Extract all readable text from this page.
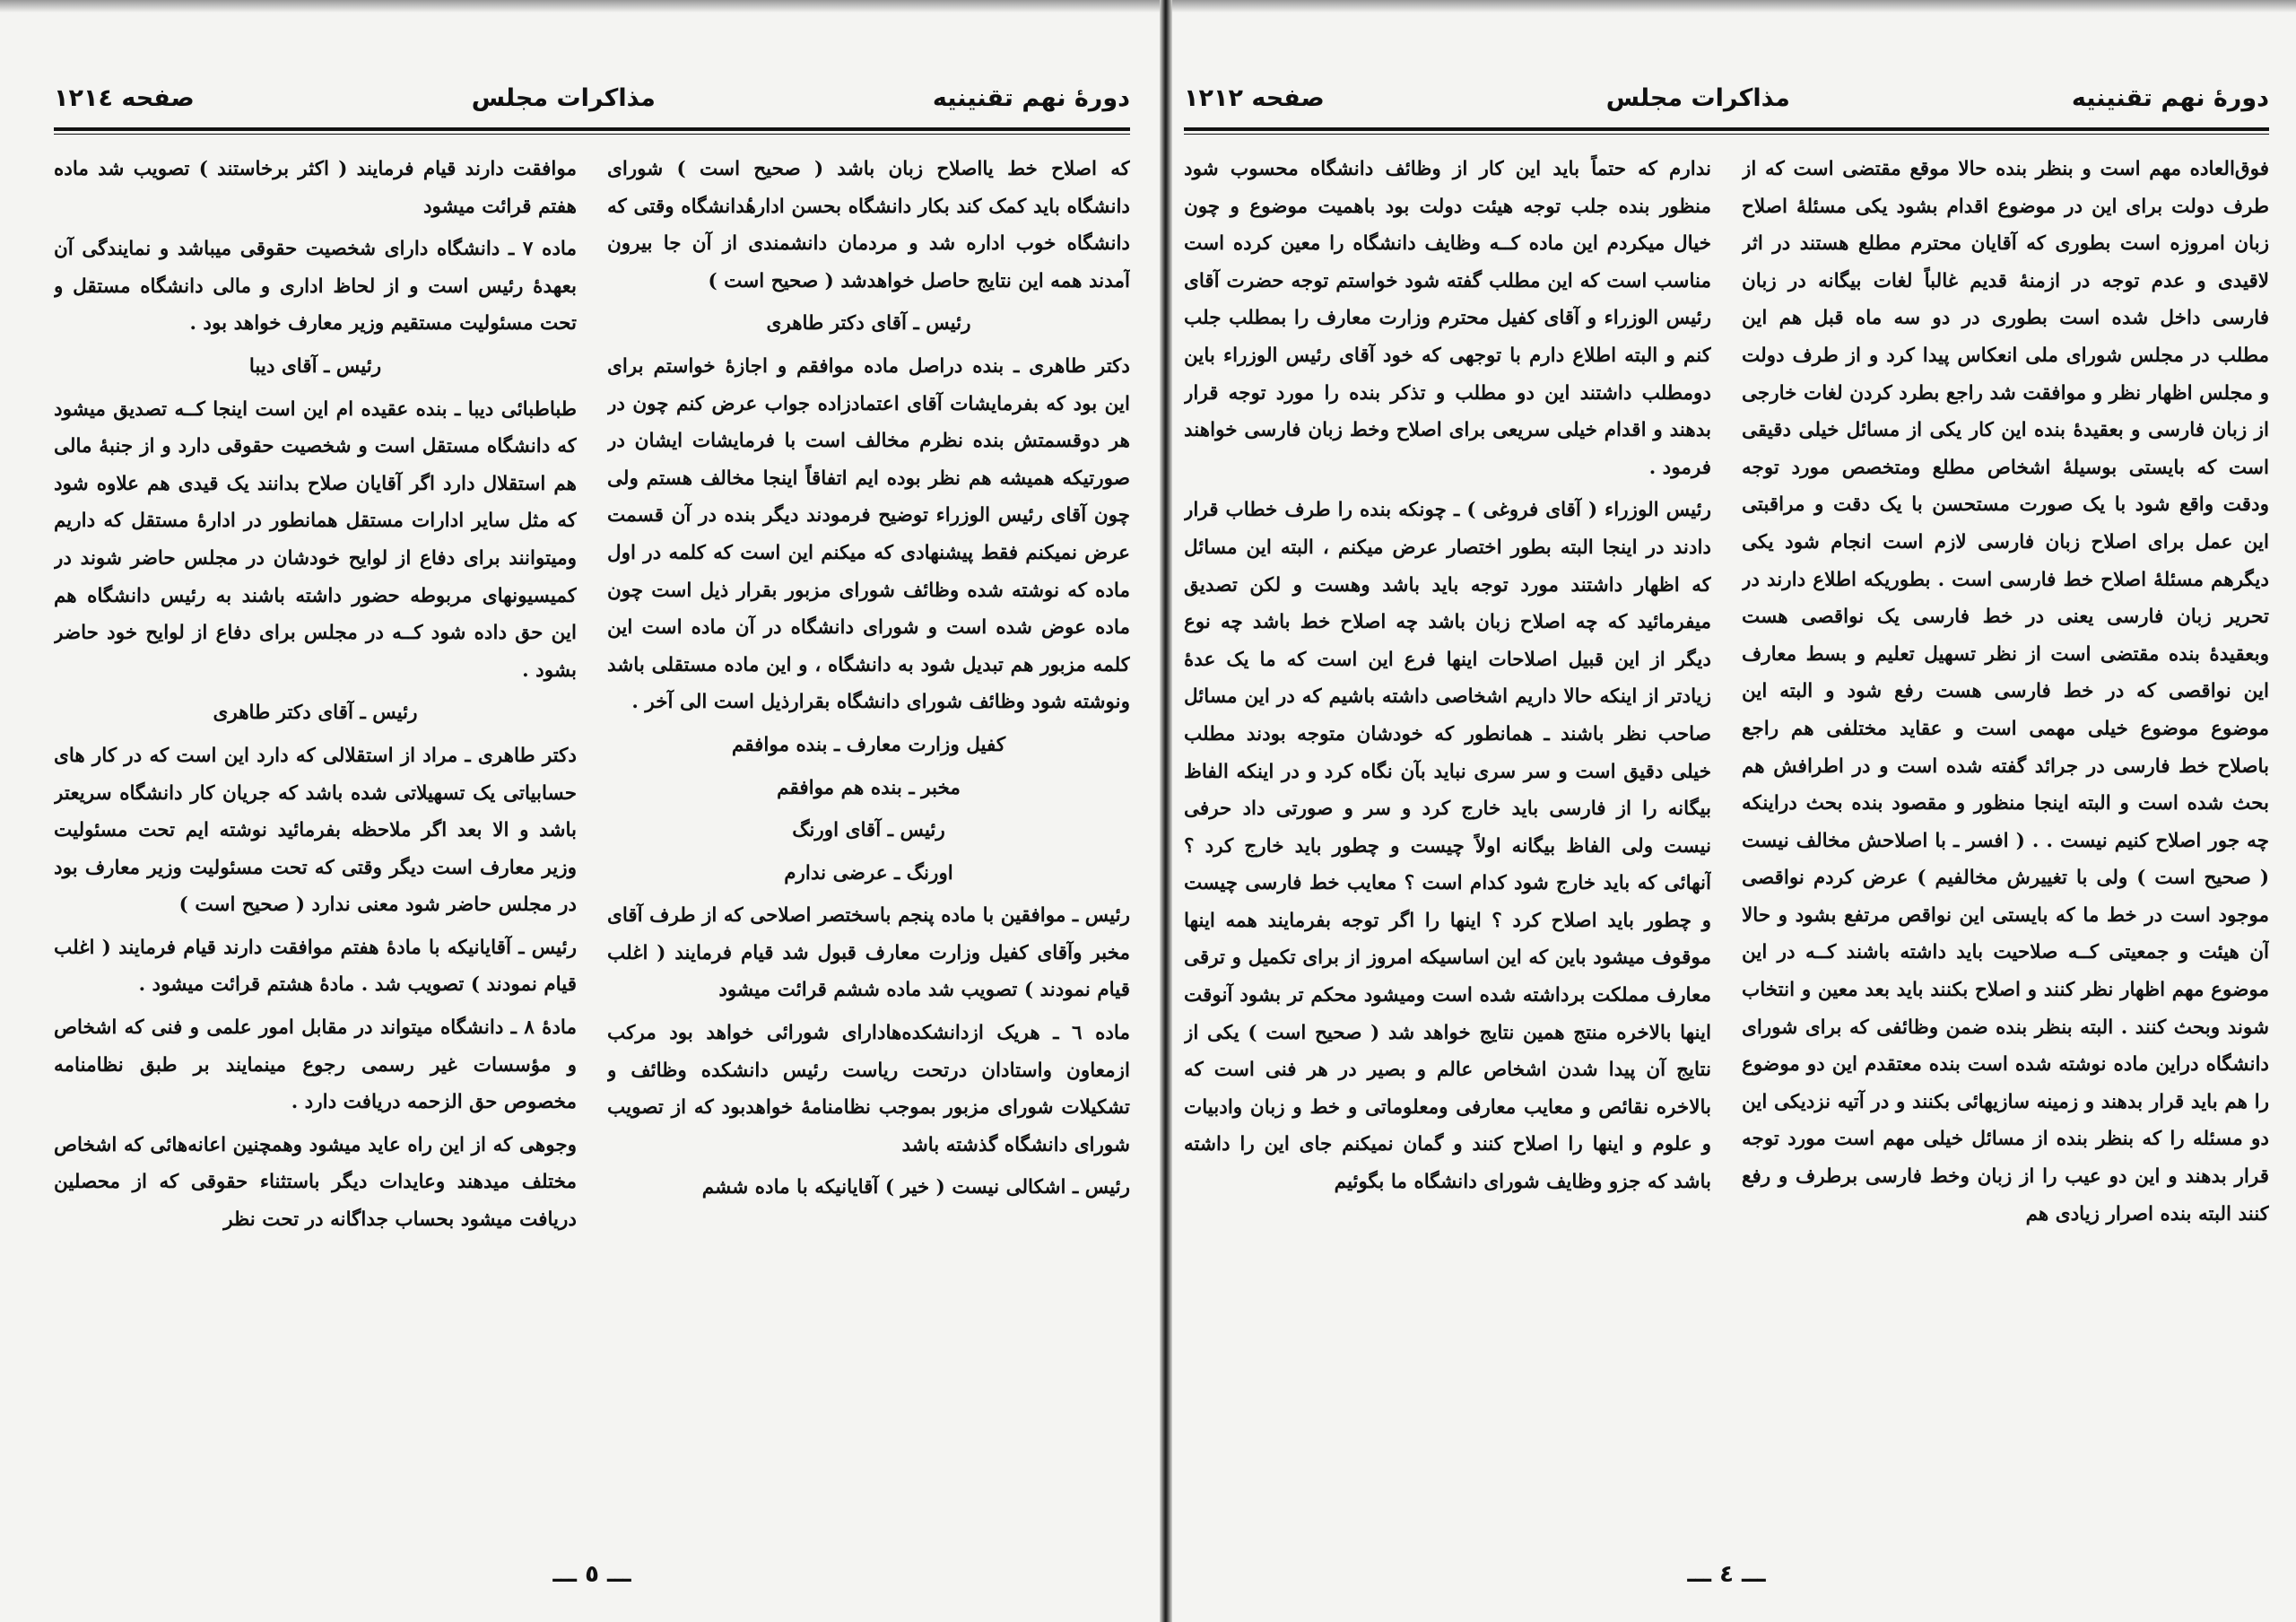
دورهٔ نهم تقنینیه
مذاکرات مجلس
صفحه ۱۲۱۲

فوق‌العاده مهم است و بنظر بنده حالا موقع مقتضی است که از طرف دولت برای این در موضوع اقدام بشود یکی مسئلهٔ اصلاح زبان امروزه است بطوری که آقایان محترم مطلع هستند در اثر لاقیدی و عدم توجه در ازمنهٔ قدیم غالباً لغات بیگانه در زبان فارسی داخل شده است بطوری در دو سه ماه قبل هم این مطلب در مجلس شورای ملی انعکاس پیدا کرد و از طرف دولت و مجلس اظهار نظر و موافقت شد راجع بطرد کردن لغات خارجی از زبان فارسی و بعقیدهٔ بنده این کار یکی از مسائل خیلی دقیقی است که بایستی بوسیلهٔ اشخاص مطلع ومتخصص مورد توجه ودقت واقع شود با یک صورت مستحسن با یک دقت و مراقبتی این عمل برای اصلاح زبان فارسی لازم است انجام شود یکی دیگرهم مسئلهٔ اصلاح خط فارسی است . بطوریکه اطلاع دارند در تحریر زبان فارسی یعنی در خط فارسی یک نواقصی هست وبعقیدهٔ بنده مقتضی است از نظر تسهیل تعلیم و بسط معارف این نواقصی که در خط فارسی هست رفع شود و البته این موضوع موضوع خیلی مهمی است و عقاید مختلفی هم راجع باصلاح خط فارسی در جرائد گفته شده است و در اطرافش هم بحث شده است و البته اینجا منظور و مقصود بنده بحث دراینکه چه جور اصلاح کنیم نیست . . ( افسر ـ با اصلاحش مخالف نیست ( صحیح است ) ولی با تغییرش مخالفیم ) عرض کردم نواقصی موجود است در خط ما که بایستی این نواقص مرتفع بشود و حالا آن هیئت و جمعیتی کــه صلاحیت باید داشته باشند کــه در این موضوع مهم اظهار نظر کنند و اصلاح بکنند باید بعد معین و انتخاب شوند وبحث کنند . البته بنظر بنده ضمن وظائفی که برای شورای دانشگاه دراین ماده نوشته شده است بنده معتقدم این دو موضوع را هم باید قرار بدهند و زمینه سازیهائی بکنند و در آتیه نزدیکی این دو مسئله را که بنظر بنده از مسائل خیلی مهم است مورد توجه قرار بدهند و این دو عیب را از زبان وخط فارسی برطرف و رفع کنند البته بنده اصرار زیادی هم

ندارم که حتماً باید این کار از وظائف دانشگاه محسوب شود منظور بنده جلب توجه هیئت دولت بود باهمیت موضوع و چون خیال میکردم این ماده کــه وظایف دانشگاه را معین کرده است مناسب است که این مطلب گفته شود خواستم توجه حضرت آقای رئیس الوزراء و آقای کفیل محترم وزارت معارف را بمطلب جلب کنم و البته اطلاع دارم با توجهی که خود آقای رئیس الوزراء باین دومطلب داشتند این دو مطلب و تذکر بنده را مورد توجه قرار بدهند و اقدام خیلی سریعی برای اصلاح وخط زبان فارسی خواهند فرمود .

رئیس الوزراء ( آقای فروغی ) ـ چونکه بنده را طرف خطاب قرار دادند در اینجا البته بطور اختصار عرض میکنم ، البته این مسائل که اظهار داشتند مورد توجه باید باشد وهست و لکن تصدیق میفرمائید که چه اصلاح زبان باشد چه اصلاح خط باشد چه نوع دیگر از این قبیل اصلاحات اینها فرع این است که ما یک عدهٔ زیادتر از اینکه حالا داریم اشخاصی داشته باشیم که در این مسائل صاحب نظر باشند ـ همانطور که خودشان متوجه بودند مطلب خیلی دقیق است و سر سری نباید بآن نگاه کرد و در اینکه الفاظ بیگانه را از فارسی باید خارج کرد و سر و صورتی داد حرفی نیست ولی الفاظ بیگانه اولاً چیست و چطور باید خارج کرد ؟ آنهائی که باید خارج شود کدام است ؟ معایب خط فارسی چیست و چطور باید اصلاح کرد ؟ اینها را اگر توجه بفرمایند همه اینها موقوف میشود باین که این اساسیکه امروز از برای تکمیل و ترقی معارف مملکت برداشته شده است ومیشود محکم تر بشود آنوقت اینها بالاخره منتج همین نتایج خواهد شد ( صحیح است ) یکی از نتایج آن پیدا شدن اشخاص عالم و بصیر در هر فنی است که بالاخره نقائص و معایب معارفی ومعلوماتی و خط و زبان وادبیات و علوم و اینها را اصلاح کنند و گمان نمیکنم جای این را داشته باشد که جزو وظایف شورای دانشگاه ما بگوئیم

ـــ ٤ ـــ
دورهٔ نهم تقنینیه
مذاکرات مجلس
صفحه ۱۲۱٤

که اصلاح خط یااصلاح زبان باشد ( صحیح است ) شورای دانشگاه باید کمک کند بکار دانشگاه بحسن ادارهٔدانشگاه وقتی که دانشگاه خوب اداره شد و مردمان دانشمندی از آن جا بیرون آمدند همه این نتایج حاصل خواهدشد ( صحیح است )

رئیس ـ آقای دکتر طاهری

دکتر طاهری ـ بنده دراصل ماده موافقم و اجازهٔ خواستم برای این بود که بفرمایشات آقای اعتمادزاده جواب عرض کنم چون در هر دوقسمتش بنده نظرم مخالف است با فرمایشات ایشان در صورتیکه همیشه هم نظر بوده ایم اتفاقاً اینجا مخالف هستم ولی چون آقای رئیس الوزراء توضیح فرمودند دیگر بنده در آن قسمت عرض نمیکنم فقط پیشنهادی که میکنم این است که کلمه در اول ماده که نوشته شده وظائف شورای مزبور بقرار ذیل است چون ماده عوض شده است و شورای دانشگاه در آن ماده است این کلمه مزبور هم تبدیل شود به دانشگاه ، و این ماده مستقلی باشد ونوشته شود وظائف شورای دانشگاه بقرارذیل است الی آخر .

کفیل وزارت معارف ـ بنده موافقم

مخبر ـ بنده هم موافقم

رئیس ـ آقای اورنگ

اورنگ ـ عرضی ندارم

رئیس ـ موافقین با ماده پنجم باسختصر اصلاحی که از طرف آقای مخبر وآقای کفیل وزارت معارف قبول شد قیام فرمایند ( اغلب قیام نمودند ) تصویب شد ماده ششم قرائت میشود

ماده ٦ ـ هریک ازدانشکده‌هادارای شورائی خواهد بود مرکب ازمعاون واستادان درتحت ریاست رئیس دانشکده وظائف و تشکیلات شورای مزبور بموجب نظامنامهٔ خواهدبود که از تصویب شورای دانشگاه گذشته باشد

رئیس ـ اشکالی نیست ( خیر ) آقایانیکه با ماده ششم

موافقت دارند قیام فرمایند ( اکثر برخاستند ) تصویب شد ماده هفتم قرائت میشود

ماده ۷ ـ دانشگاه دارای شخصیت حقوقی میباشد و نمایندگی آن بعهدهٔ رئیس است و از لحاظ اداری و مالی دانشگاه مستقل و تحت مسئولیت مستقیم وزیر معارف خواهد بود .

رئیس ـ آقای دیبا

طباطبائی دیبا ـ بنده عقیده ام این است اینجا کــه تصدیق میشود که دانشگاه مستقل است و شخصیت حقوقی دارد و از جنبهٔ مالی هم استقلال دارد اگر آقایان صلاح بدانند یک قیدی هم علاوه شود که مثل سایر ادارات مستقل همانطور در ادارهٔ مستقل که داریم ومیتوانند برای دفاع از لوایح خودشان در مجلس حاضر شوند در کمیسیونهای مربوطه حضور داشته باشند به رئیس دانشگاه هم این حق داده شود کــه در مجلس برای دفاع از لوایح خود حاضر بشود .

رئیس ـ آقای دکتر طاهری

دکتر طاهری ـ مراد از استقلالی که دارد این است که در کار های حسابیاتی یک تسهیلاتی شده باشد که جریان کار دانشگاه سریعتر باشد و الا بعد اگر ملاحظه بفرمائید نوشته ایم تحت مسئولیت وزیر معارف است دیگر وقتی که تحت مسئولیت وزیر معارف بود در مجلس حاضر شود معنی ندارد ( صحیح است )

رئیس ـ آقایانیکه با مادهٔ هفتم موافقت دارند قیام فرمایند ( اغلب قیام نمودند ) تصویب شد . مادهٔ هشتم قرائت میشود .

مادهٔ ۸ ـ دانشگاه میتواند در مقابل امور علمی و فنی که اشخاص و مؤسسات غیر رسمی رجوع مینمایند بر طبق نظامنامه مخصوص حق الزحمه دریافت دارد .

وجوهی که از این راه عاید میشود وهمچنین اعانه‌هائی که اشخاص مختلف میدهند وعایدات دیگر باستثناء حقوقی که از محصلین دریافت میشود بحساب جداگانه در تحت نظر

ـــ ٥ ـــ
